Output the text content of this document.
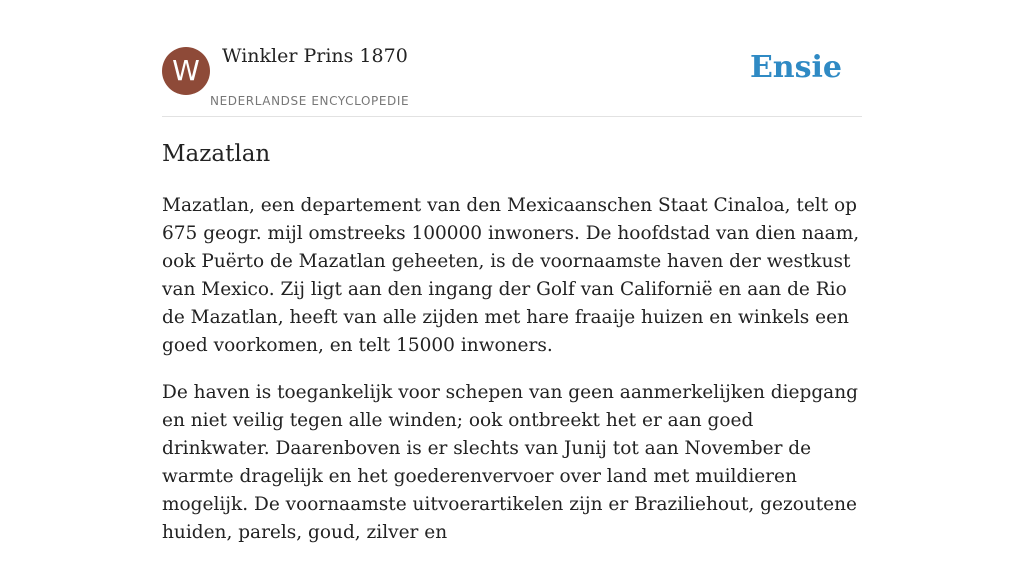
W	Winkler Prins 1870
NEDERLANDSE ENCYCLOPEDIE
Ensie
Mazatlan

Mazatlan, een departement van den Mexicaanschen Staat Cinaloa, telt op 675 geogr. mijl omstreeks 100000 inwoners. De hoofdstad van dien naam, ook Puërto de Mazatlan geheeten, is de voornaamste haven der westkust van Mexico. Zij ligt aan den ingang der Golf van Californië en aan de Rio de Mazatlan, heeft van alle zijden met hare fraaije huizen en winkels een goed voorkomen, en telt 15000 inwoners.

De haven is toegankelijk voor schepen van geen aanmerkelijken diepgang en niet veilig tegen alle winden; ook ontbreekt het er aan goed drinkwater. Daarenboven is er slechts van Junij tot aan November de warmte dragelijk en het goederenvervoer over land met muildieren mogelijk. De voornaamste uitvoerartikelen zijn er Braziliehout, gezoutene huiden, parels, goud, zilver en
